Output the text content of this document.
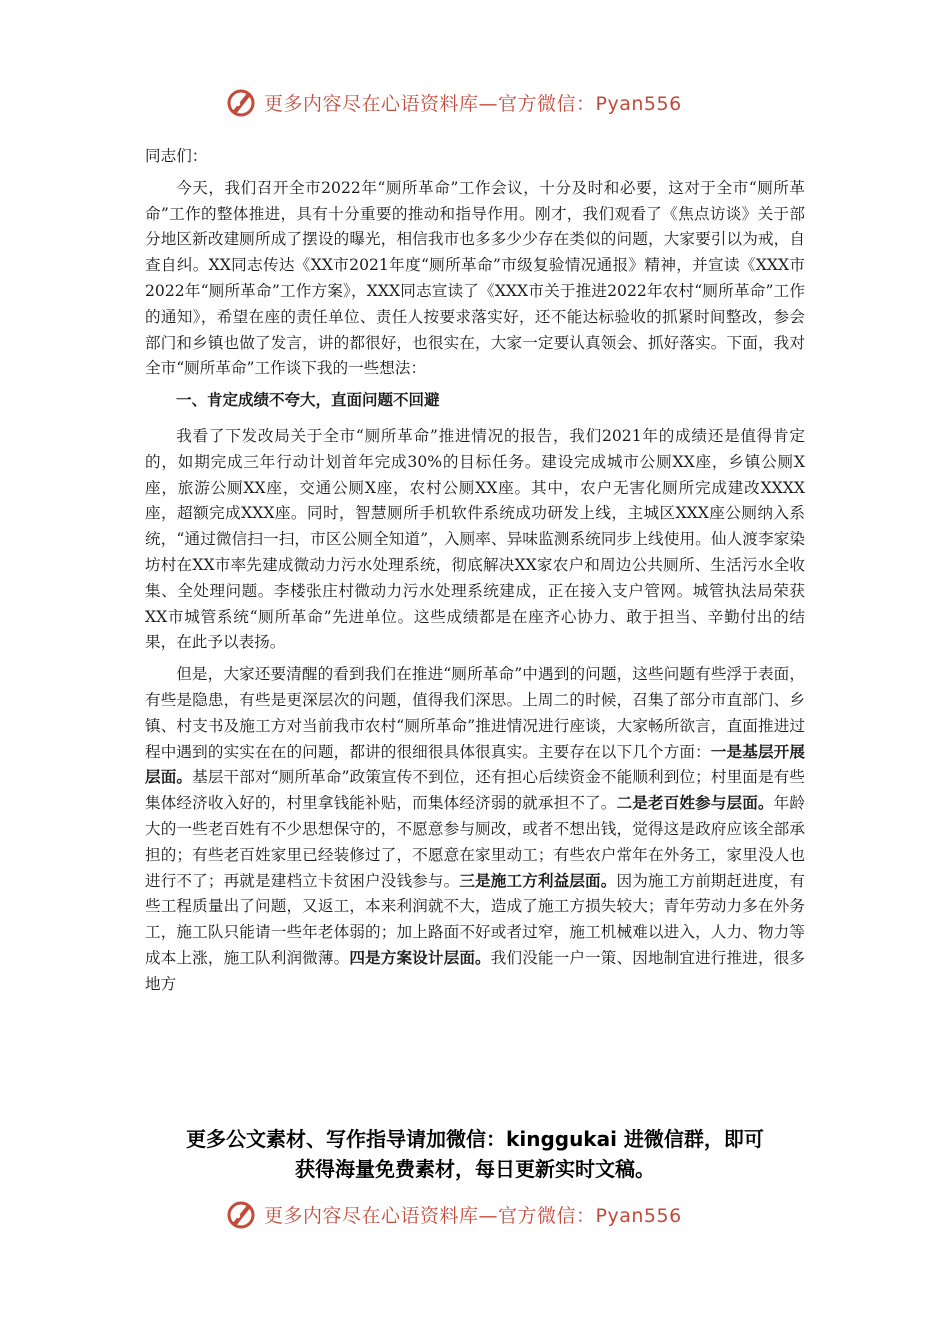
更多内容尽在心语资料库—官方微信：Pyan556

同志们：

今天，我们召开全市2022年“厕所革命”工作会议，十分及时和必要，这对于全市“厕所革命”工作的整体推进，具有十分重要的推动和指导作用。刚才，我们观看了《焦点访谈》关于部分地区新改建厕所成了摆设的曝光，相信我市也多多少少存在类似的问题，大家要引以为戒，自查自纠。XX同志传达《XX市2021年度“厕所革命”市级复验情况通报》精神，并宣读《XXX市2022年“厕所革命”工作方案》，XXX同志宣读了《XXX市关于推进2022年农村“厕所革命”工作的通知》，希望在座的责任单位、责任人按要求落实好，还不能达标验收的抓紧时间整改，参会部门和乡镇也做了发言，讲的都很好，也很实在，大家一定要认真领会、抓好落实。下面，我对全市“厕所革命”工作谈下我的一些想法：

一、肯定成绩不夸大，直面问题不回避

我看了下发改局关于全市“厕所革命”推进情况的报告，我们2021年的成绩还是值得肯定的，如期完成三年行动计划首年完成30%的目标任务。建设完成城市公厕XX座，乡镇公厕X座，旅游公厕XX座，交通公厕X座，农村公厕XX座。其中，农户无害化厕所完成建改XXXX座，超额完成XXX座。同时，智慧厕所手机软件系统成功研发上线，主城区XXX座公厕纳入系统，“通过微信扫一扫，市区公厕全知道”，入厕率、异味监测系统同步上线使用。仙人渡李家染坊村在XX市率先建成微动力污水处理系统，彻底解决XX家农户和周边公共厕所、生活污水全收集、全处理问题。李楼张庄村微动力污水处理系统建成，正在接入支户管网。城管执法局荣获XX市城管系统“厕所革命”先进单位。这些成绩都是在座齐心协力、敢于担当、辛勤付出的结果，在此予以表扬。

但是，大家还要清醒的看到我们在推进“厕所革命”中遇到的问题，这些问题有些浮于表面，有些是隐患，有些是更深层次的问题，值得我们深思。上周二的时候，召集了部分市直部门、乡镇、村支书及施工方对当前我市农村“厕所革命”推进情况进行座谈，大家畅所欲言，直面推进过程中遇到的实实在在的问题，都讲的很细很具体很真实。主要存在以下几个方面：一是基层开展层面。基层干部对“厕所革命”政策宣传不到位，还有担心后续资金不能顺利到位；村里面是有些集体经济收入好的，村里拿钱能补贴，而集体经济弱的就承担不了。二是老百姓参与层面。年龄大的一些老百姓有不少思想保守的，不愿意参与厕改，或者不想出钱，觉得这是政府应该全部承担的；有些老百姓家里已经装修过了，不愿意在家里动工；有些农户常年在外务工，家里没人也进行不了；再就是建档立卡贫困户没钱参与。三是施工方利益层面。因为施工方前期赶进度，有些工程质量出了问题，又返工，本来利润就不大，造成了施工方损失较大；青年劳动力多在外务工，施工队只能请一些年老体弱的；加上路面不好或者过窄，施工机械难以进入，人力、物力等成本上涨，施工队利润微薄。四是方案设计层面。我们没能一户一策、因地制宜进行推进，很多地方

更多公文素材、写作指导请加微信：kinggukai 进微信群，即可
获得海量免费素材，每日更新实时文稿。
更多内容尽在心语资料库—官方微信：Pyan556
